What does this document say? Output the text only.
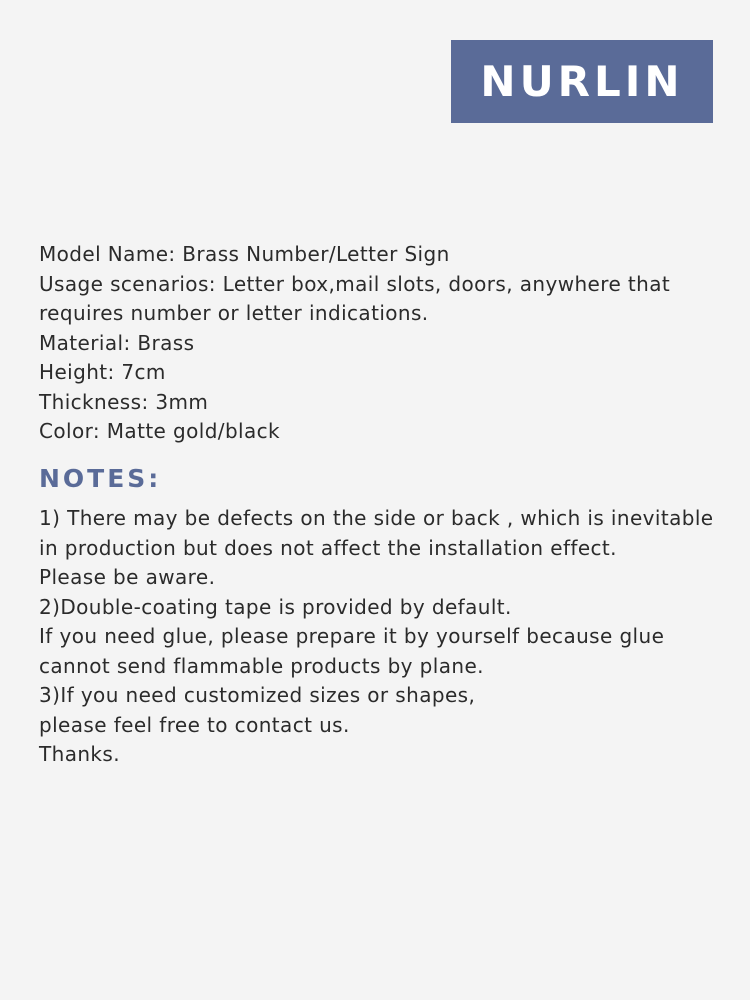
NURLIN
Model Name: Brass Number/Letter Sign
Usage scenarios: Letter box,mail slots, doors, anywhere that
requires number or letter indications.
Material: Brass
Height: 7cm
Thickness: 3mm
Color: Matte gold/black
NOTES:
1) There may be defects on the side or back , which is inevitable
in production but does not affect the installation effect.
Please be aware.
2)Double-coating tape is provided by default.
If you need glue, please prepare it by yourself because glue
cannot send flammable products by plane.
3)If you need customized sizes or shapes,
please feel free to contact us.
Thanks.
